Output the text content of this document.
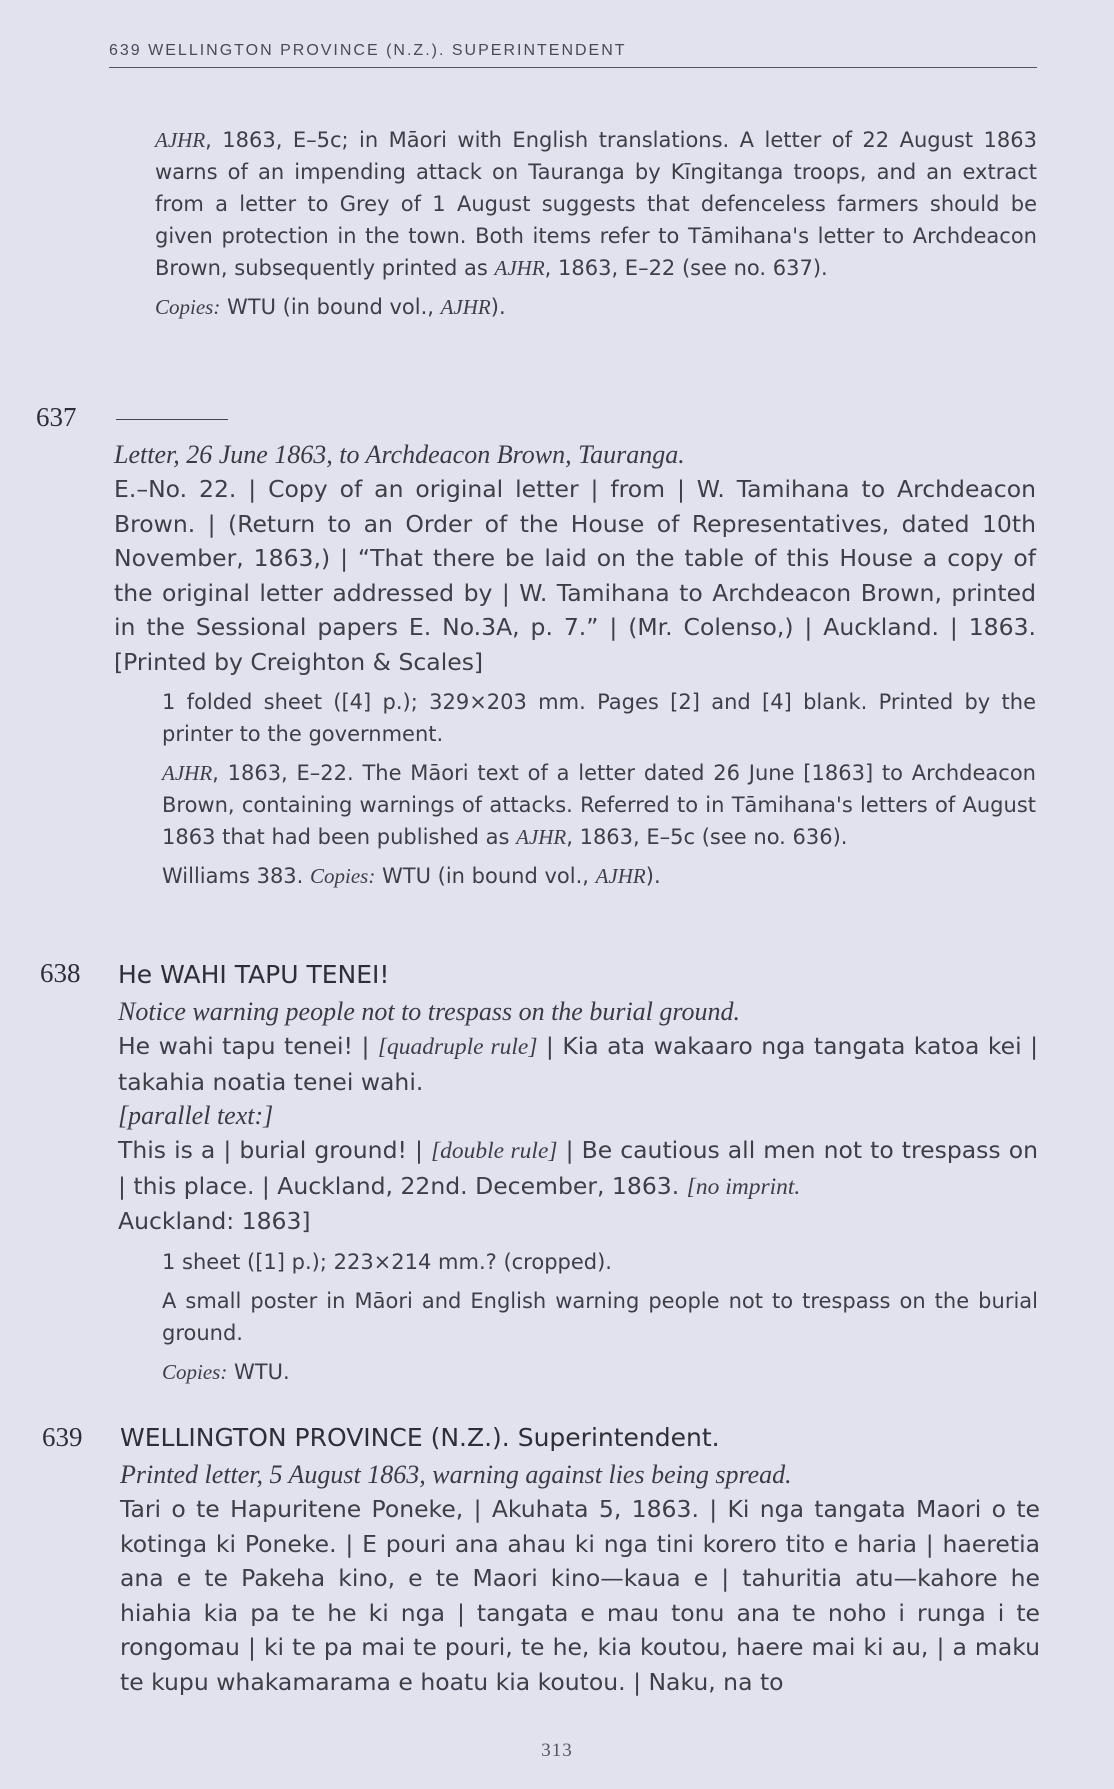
639 WELLINGTON PROVINCE (N.Z.). SUPERINTENDENT

AJHR, 1863, E–5c; in Māori with English translations. A letter of 22 August 1863 warns of an impending attack on Tauranga by Kīngitanga troops, and an extract from a letter to Grey of 1 August suggests that defenceless farmers should be given protection in the town. Both items refer to Tāmihana's letter to Archdeacon Brown, subsequently printed as AJHR, 1863, E–22 (see no. 637).

Copies: WTU (in bound vol., AJHR).

637

Letter, 26 June 1863, to Archdeacon Brown, Tauranga.

E.–No. 22. | Copy of an original letter | from | W. Tamihana to Archdeacon Brown. | (Return to an Order of the House of Representatives, dated 10th November, 1863,) | “That there be laid on the table of this House a copy of the original letter addressed by | W. Tamihana to Archdeacon Brown, printed in the Sessional papers E. No.3A, p. 7.” | (Mr. Colenso,) | Auckland. | 1863. [Printed by Creighton & Scales]

1 folded sheet ([4] p.); 329×203 mm. Pages [2] and [4] blank. Printed by the printer to the government.

AJHR, 1863, E–22. The Māori text of a letter dated 26 June [1863] to Archdeacon Brown, containing warnings of attacks. Referred to in Tāmihana's letters of August 1863 that had been published as AJHR, 1863, E–5c (see no. 636).

Williams 383. Copies: WTU (in bound vol., AJHR).

638 He WAHI TAPU TENEI!

Notice warning people not to trespass on the burial ground.

He wahi tapu tenei! | [quadruple rule] | Kia ata wakaaro nga tangata katoa kei | takahia noatia tenei wahi.

[parallel text:]

This is a | burial ground! | [double rule] | Be cautious all men not to trespass on | this place. | Auckland, 22nd. December, 1863. [no imprint.
Auckland: 1863]

1 sheet ([1] p.); 223×214 mm.? (cropped).

A small poster in Māori and English warning people not to trespass on the burial ground.

Copies: WTU.

639 WELLINGTON PROVINCE (N.Z.). Superintendent.

Printed letter, 5 August 1863, warning against lies being spread.

Tari o te Hapuritene Poneke, | Akuhata 5, 1863. | Ki nga tangata Maori o te kotinga ki Poneke. | E pouri ana ahau ki nga tini korero tito e haria | haeretia ana e te Pakeha kino, e te Maori kino—kaua e | tahuritia atu—kahore he hiahia kia pa te he ki nga | tangata e mau tonu ana te noho i runga i te rongomau | ki te pa mai te pouri, te he, kia koutou, haere mai ki au, | a maku te kupu whakamarama e hoatu kia koutou. | Naku, na to

313
